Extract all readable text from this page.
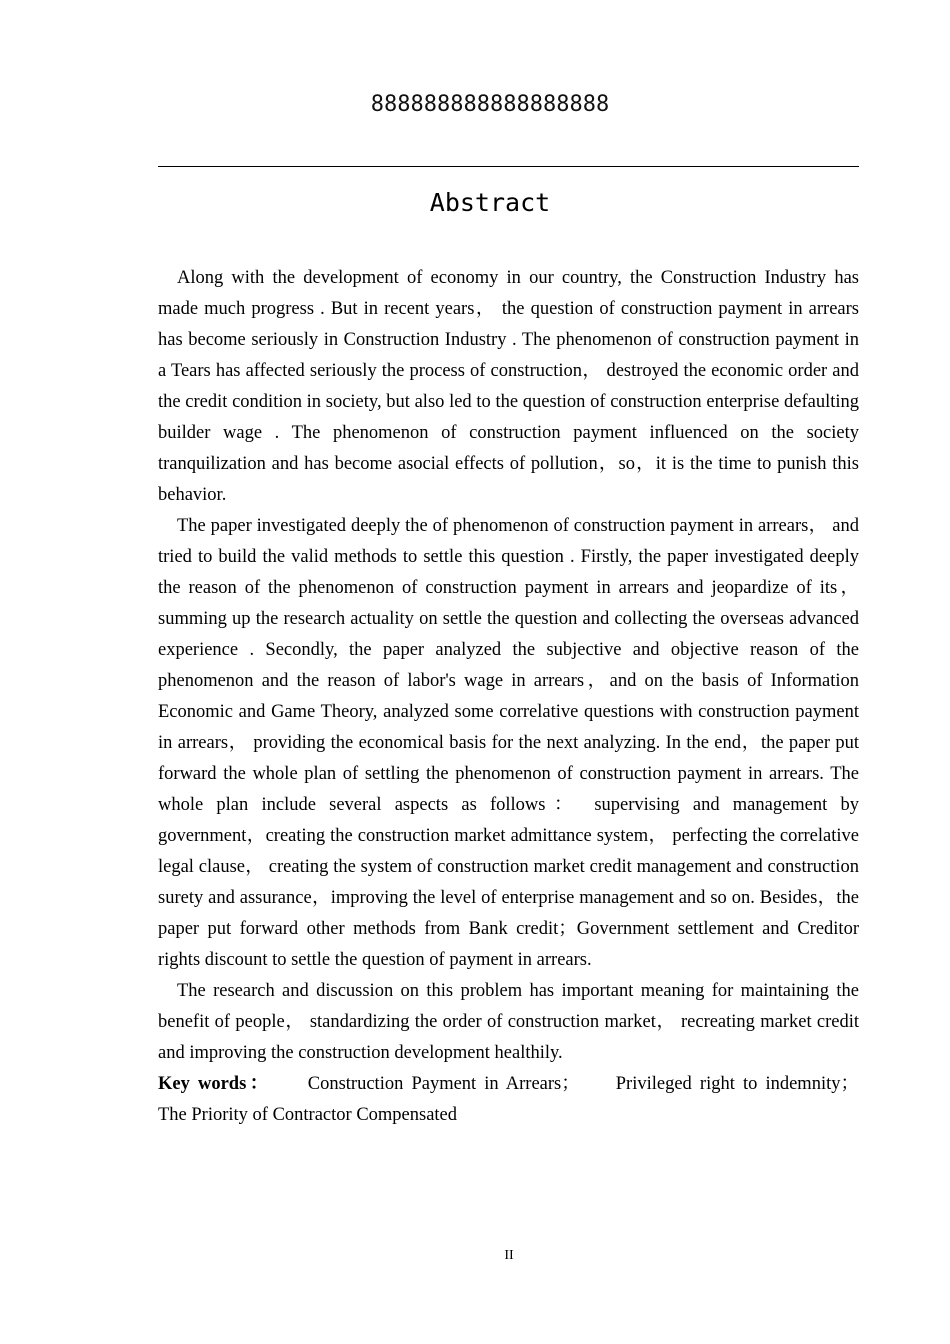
888888888888888888
Abstract

Along with the development of economy in our country, the Construction Industry has made much progress . But in recent years， the question of construction payment in arrears has become seriously in Construction Industry . The phenomenon of construction payment in a Tears has affected seriously the process of construction， destroyed the economic order and the credit condition in society, but also led to the question of construction enterprise defaulting builder wage . The phenomenon of construction payment influenced on the society tranquilization and has become asocial effects of pollution，so，it is the time to punish this behavior.

The paper investigated deeply the of phenomenon of construction payment in arrears， and tried to build the valid methods to settle this question . Firstly, the paper investigated deeply the reason of the phenomenon of construction payment in arrears and jeopardize of its，summing up the research actuality on settle the question and collecting the overseas advanced experience . Secondly, the paper analyzed the subjective and objective reason of the phenomenon and the reason of labor's wage in arrears，and on the basis of Information Economic and Game Theory, analyzed some correlative questions with construction payment in arrears， providing the economical basis for the next analyzing. In the end，the paper put forward the whole plan of settling the phenomenon of construction payment in arrears. The whole plan include several aspects as follows： supervising and management by government，creating the construction market admittance system， perfecting the correlative legal clause， creating the system of construction market credit management and construction surety and assurance，improving the level of enterprise management and so on. Besides，the paper put forward other methods from Bank credit；Government settlement and Creditor rights discount to settle the question of payment in arrears.

The research and discussion on this problem has important meaning for maintaining the benefit of people， standardizing the order of construction market， recreating market credit and improving the construction development healthily.

Key words： Construction Payment in Arrears； Privileged right to indemnity； The Priority of Contractor Compensated

II
